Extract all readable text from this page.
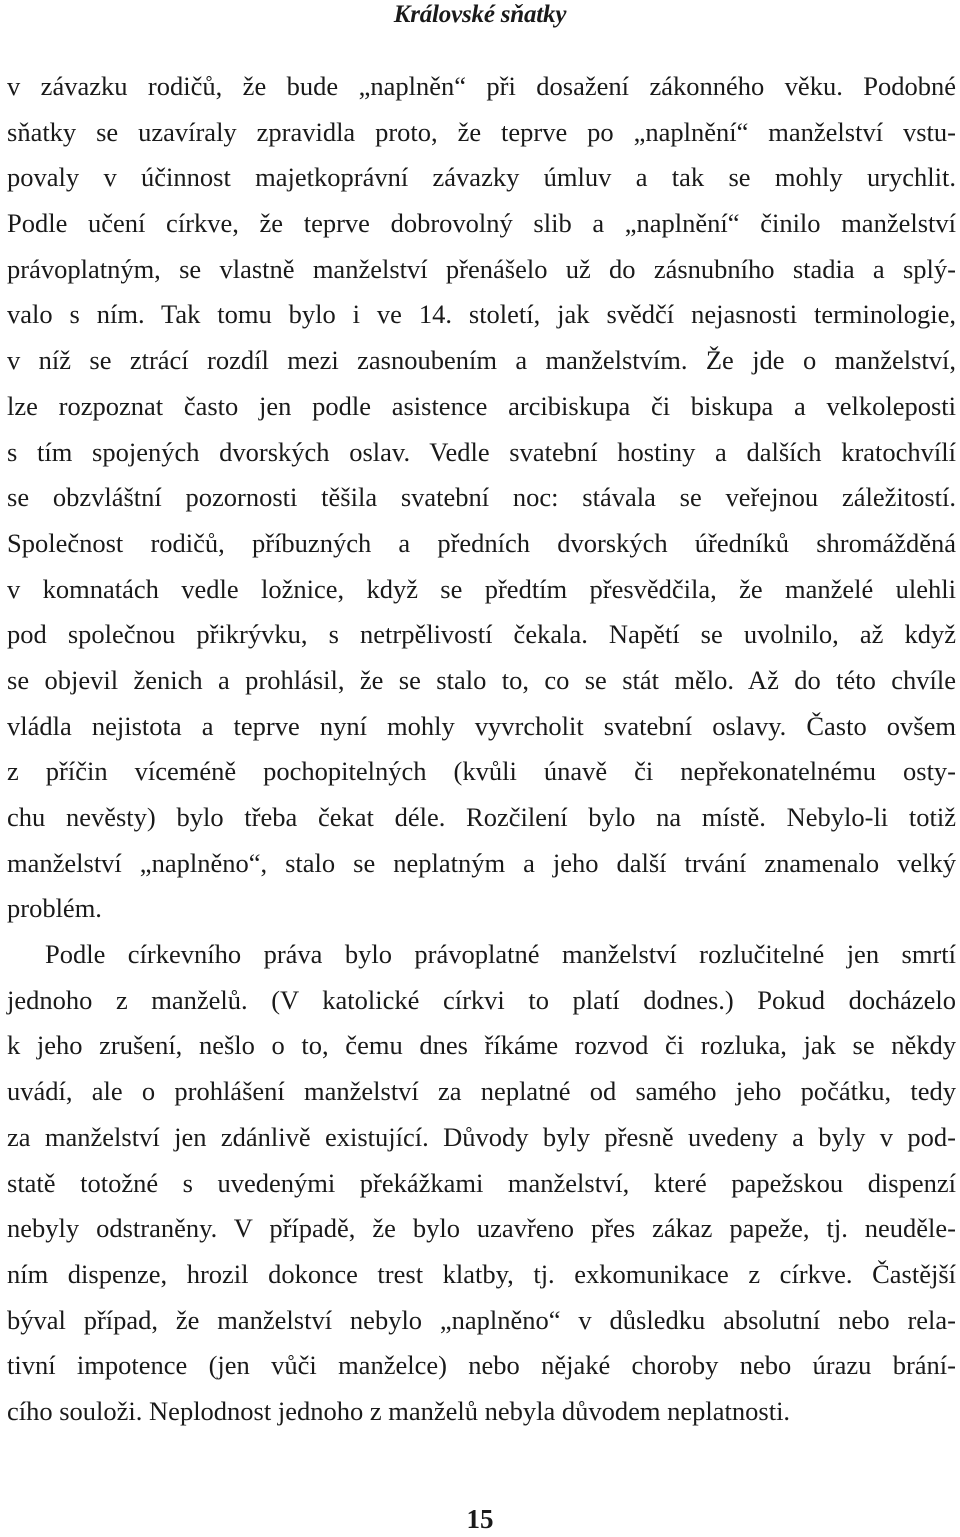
Královské sňatky
v závazku rodičů, že bude „naplněn“ při dosažení zákonného věku. Podobné
sňatky se uzavíraly zpravidla proto, že teprve po „naplnění“ manželství vstu-
povaly v účinnost majetkoprávní závazky úmluv a tak se mohly urychlit.
Podle učení církve, že teprve dobrovolný slib a „naplnění“ činilo manželství
právoplatným, se vlastně manželství přenášelo už do zásnubního stadia a splý-
valo s ním. Tak tomu bylo i ve 14. století, jak svědčí nejasnosti terminologie,
v níž se ztrácí rozdíl mezi zasnoubením a manželstvím. Že jde o manželství,
lze rozpoznat často jen podle asistence arcibiskupa či biskupa a velkoleposti
s tím spojených dvorských oslav. Vedle svatební hostiny a dalších kratochvílí
se obzvláštní pozornosti těšila svatební noc: stávala se veřejnou záležitostí.
Společnost rodičů, příbuzných a předních dvorských úředníků shromážděná
v komnatách vedle ložnice, když se předtím přesvědčila, že manželé ulehli
pod společnou přikrývku, s netrpělivostí čekala. Napětí se uvolnilo, až když
se objevil ženich a prohlásil, že se stalo to, co se stát mělo. Až do této chvíle
vládla nejistota a teprve nyní mohly vyvrcholit svatební oslavy. Často ovšem
z příčin víceméně pochopitelných (kvůli únavě či nepřekonatelnému osty-
chu nevěsty) bylo třeba čekat déle. Rozčilení bylo na místě. Nebylo-li totiž
manželství „naplněno“, stalo se neplatným a jeho další trvání znamenalo velký
problém.
Podle církevního práva bylo právoplatné manželství rozlučitelné jen smrtí
jednoho z manželů. (V katolické církvi to platí dodnes.) Pokud docházelo
k jeho zrušení, nešlo o to, čemu dnes říkáme rozvod či rozluka, jak se někdy
uvádí, ale o prohlášení manželství za neplatné od samého jeho počátku, tedy
za manželství jen zdánlivě existující. Důvody byly přesně uvedeny a byly v pod-
statě totožné s uvedenými překážkami manželství, které papežskou dispenzí
nebyly odstraněny. V případě, že bylo uzavřeno přes zákaz papeže, tj. neuděle-
ním dispenze, hrozil dokonce trest klatby, tj. exkomunikace z církve. Častější
býval případ, že manželství nebylo „naplněno“ v důsledku absolutní nebo rela-
tivní impotence (jen vůči manželce) nebo nějaké choroby nebo úrazu brání-
cího souloži. Neplodnost jednoho z manželů nebyla důvodem neplatnosti.
15
